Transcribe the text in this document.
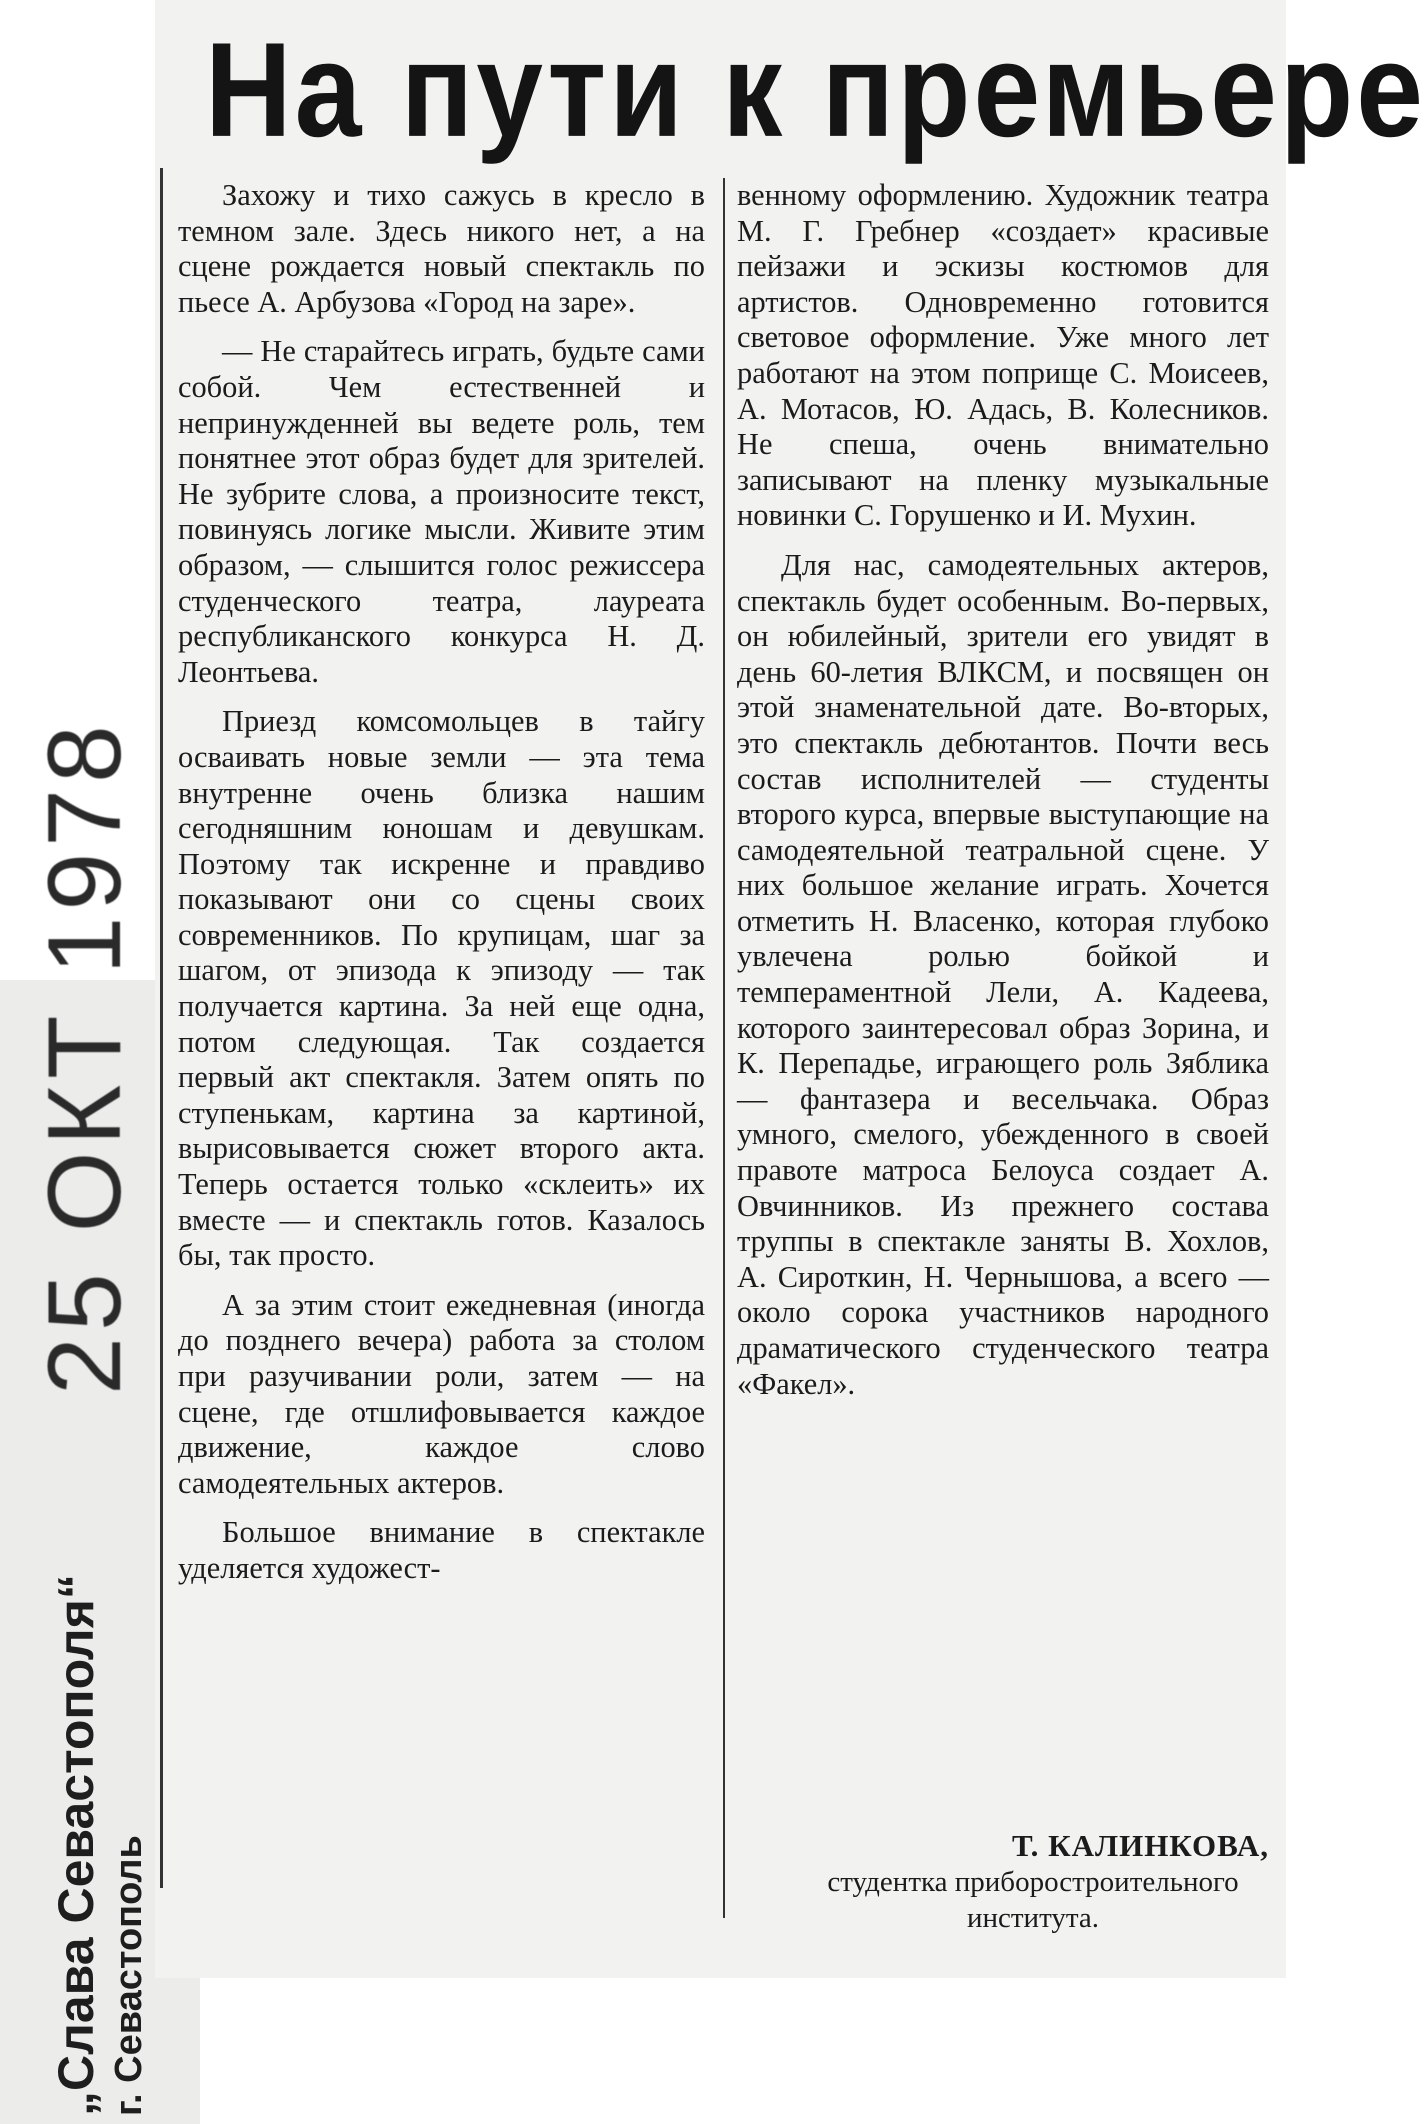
На пути к премьере

Захожу и тихо сажусь в кресло в темном зале. Здесь никого нет, а на сцене рождается новый спектакль по пьесе А. Арбузова «Город на заре».

— Не старайтесь играть, будьте сами собой. Чем естественней и непринужденней вы ведете роль, тем понятнее этот образ будет для зрителей. Не зубрите слова, а произносите текст, повинуясь логике мысли. Живите этим образом, — слышится голос режиссера студенческого театра, лауреата республиканского конкурса Н. Д. Леонтьева.

Приезд комсомольцев в тайгу осваивать новые земли — эта тема внутренне очень близка нашим сегодняшним юношам и девушкам. Поэтому так искренне и правдиво показывают они со сцены своих современников. По крупицам, шаг за шагом, от эпизода к эпизоду — так получается картина. За ней еще одна, потом следующая. Так создается первый акт спектакля. Затем опять по ступенькам, картина за картиной, вырисовывается сюжет второго акта. Теперь остается только «склеить» их вместе — и спектакль готов. Казалось бы, так просто.

А за этим стоит ежедневная (иногда до позднего вечера) работа за столом при разучивании роли, затем — на сцене, где отшлифовывается каждое движение, каждое слово самодеятельных актеров.

Большое внимание в спектакле уделяется художест-

венному оформлению. Художник театра М. Г. Гребнер «создает» красивые пейзажи и эскизы костюмов для артистов. Одновременно готовится световое оформление. Уже много лет работают на этом поприще С. Моисеев, А. Мотасов, Ю. Адась, В. Колесников. Не спеша, очень внимательно записывают на пленку музыкальные новинки С. Горушенко и И. Мухин.

Для нас, самодеятельных актеров, спектакль будет особенным. Во-первых, он юбилейный, зрители его увидят в день 60-летия ВЛКСМ, и посвящен он этой знаменательной дате. Во-вторых, это спектакль дебютантов. Почти весь состав исполнителей — студенты второго курса, впервые выступающие на самодеятельной театральной сцене. У них большое желание играть. Хочется отметить Н. Власенко, которая глубоко увлечена ролью бойкой и темпераментной Лели, А. Кадеева, которого заинтересовал образ Зорина, и К. Перепадье, играющего роль Зяблика — фантазера и весельчака. Образ умного, смелого, убежденного в своей правоте матроса Белоуса создает А. Овчинников. Из прежнего состава труппы в спектакле заняты В. Хохлов, А. Сироткин, Н. Чернышова, а всего — около сорока участников народного драматического студенческого театра «Факел».

Т. КАЛИНКОВА,
студентка приборостроительного института.
25 ОКТ 1978
„Слава Севастополя“ г. Севастополь
